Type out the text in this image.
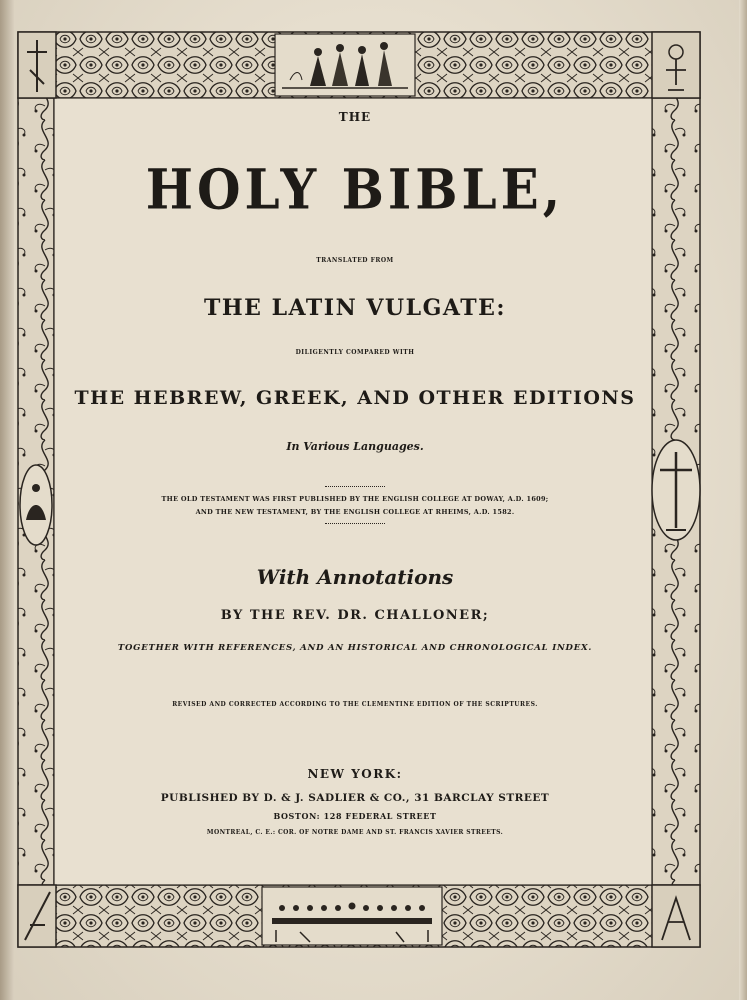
THE
HOLY BIBLE,
TRANSLATED FROM
THE LATIN VULGATE:
DILIGENTLY COMPARED WITH
THE HEBREW, GREEK, AND OTHER EDITIONS
In Various Languages.
THE OLD TESTAMENT WAS FIRST PUBLISHED BY THE ENGLISH COLLEGE AT DOWAY, A.D. 1609;
AND THE NEW TESTAMENT, BY THE ENGLISH COLLEGE AT RHEIMS, A.D. 1582.
With Annotations
BY THE REV. DR. CHALLONER;
TOGETHER WITH REFERENCES, AND AN HISTORICAL AND CHRONOLOGICAL INDEX.
REVISED AND CORRECTED ACCORDING TO THE CLEMENTINE EDITION OF THE SCRIPTURES.
NEW YORK:
PUBLISHED BY D. & J. SADLIER & CO., 31 BARCLAY STREET
BOSTON: 128 FEDERAL STREET
MONTREAL, C. E.: COR. OF NOTRE DAME AND ST. FRANCIS XAVIER STREETS.
